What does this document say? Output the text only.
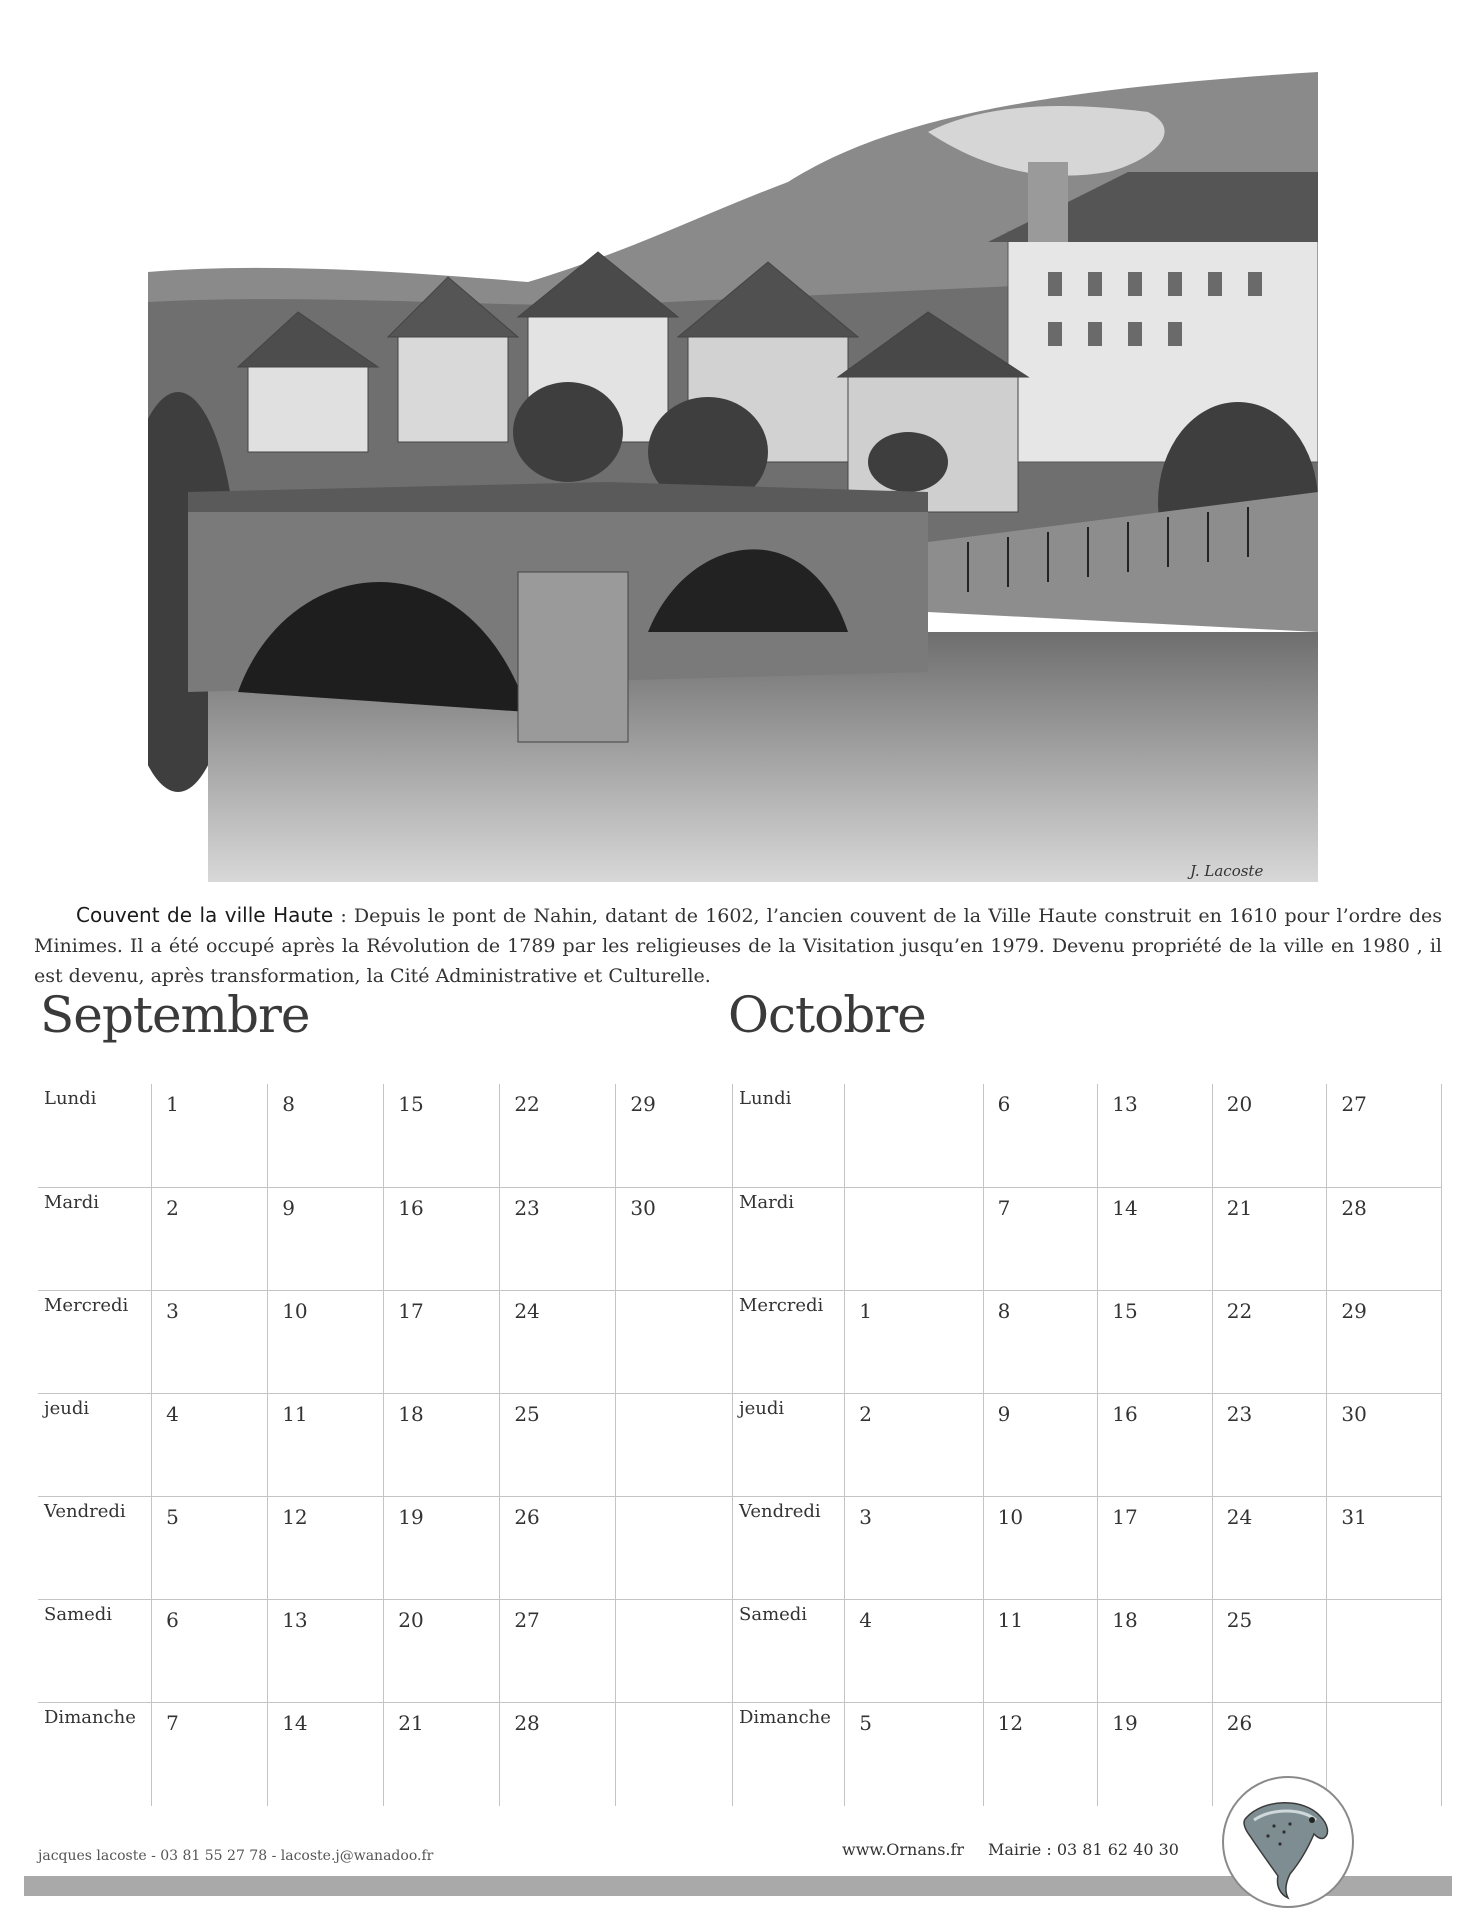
J. Lacoste
Couvent de la ville Haute : Depuis le pont de Nahin, datant de 1602, l’ancien couvent de la Ville Haute construit en 1610 pour l’ordre des Minimes. Il a été occupé après la Révolution de 1789 par les religieuses de la Visitation jusqu’en 1979. Devenu propriété de la ville en 1980 , il est devenu, après transformation, la Cité Administrative et Culturelle.
Septembre	Octobre
Lundi	1	8	15	22	29
Mardi	2	9	16	23	30
Mercredi	3	10	17	24	
jeudi	4	11	18	25	
Vendredi	5	12	19	26	
Samedi	6	13	20	27	
Dimanche	7	14	21	28	
Lundi		6	13	20	27
Mardi		7	14	21	28
Mercredi	1	8	15	22	29
jeudi	2	9	16	23	30
Vendredi	3	10	17	24	31
Samedi	4	11	18	25	
Dimanche	5	12	19	26	
jacques lacoste - 03 81 55 27 78 - lacoste.j@wanadoo.fr	www.Ornans.fr Mairie : 03 81 62 40 30
